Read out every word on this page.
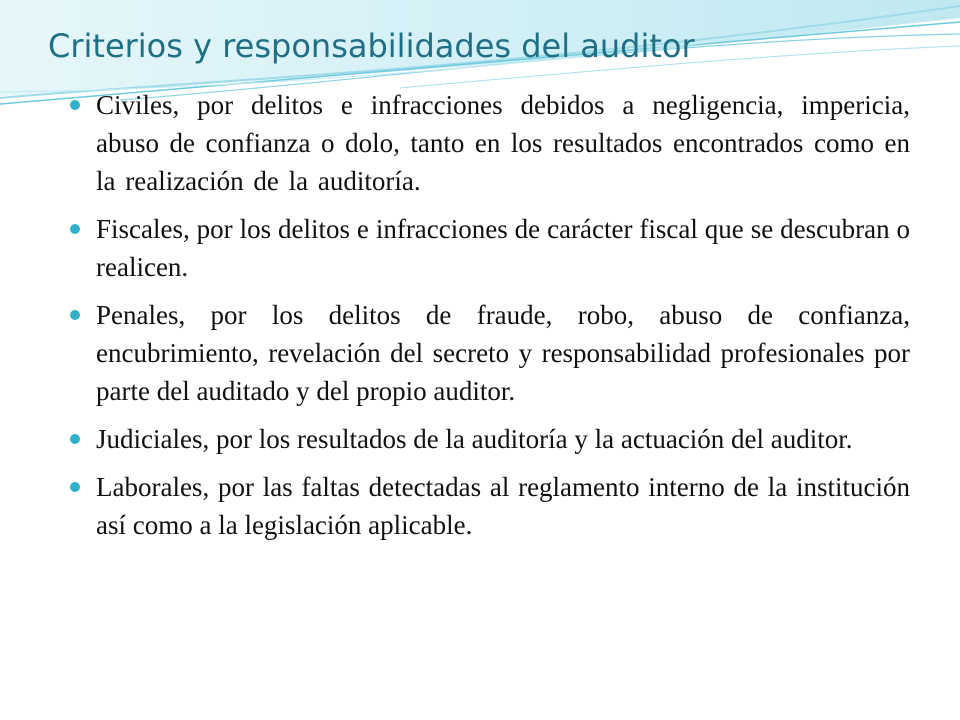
Criterios y responsabilidades del auditor
Civiles, por delitos e infracciones debidos a negligencia, impericia, abuso de confianza o dolo, tanto en los resultados encontrados como en la realización de la auditoría.
Fiscales, por los delitos e infracciones de carácter fiscal que se descubran o realicen.
Penales, por los delitos de fraude, robo, abuso de confianza, encubrimiento, revelación del secreto y responsabilidad profesionales por parte del auditado y del propio auditor.
Judiciales, por los resultados de la auditoría y la actuación del auditor.
Laborales, por las faltas detectadas al reglamento interno de la institución así como a la legislación aplicable.
